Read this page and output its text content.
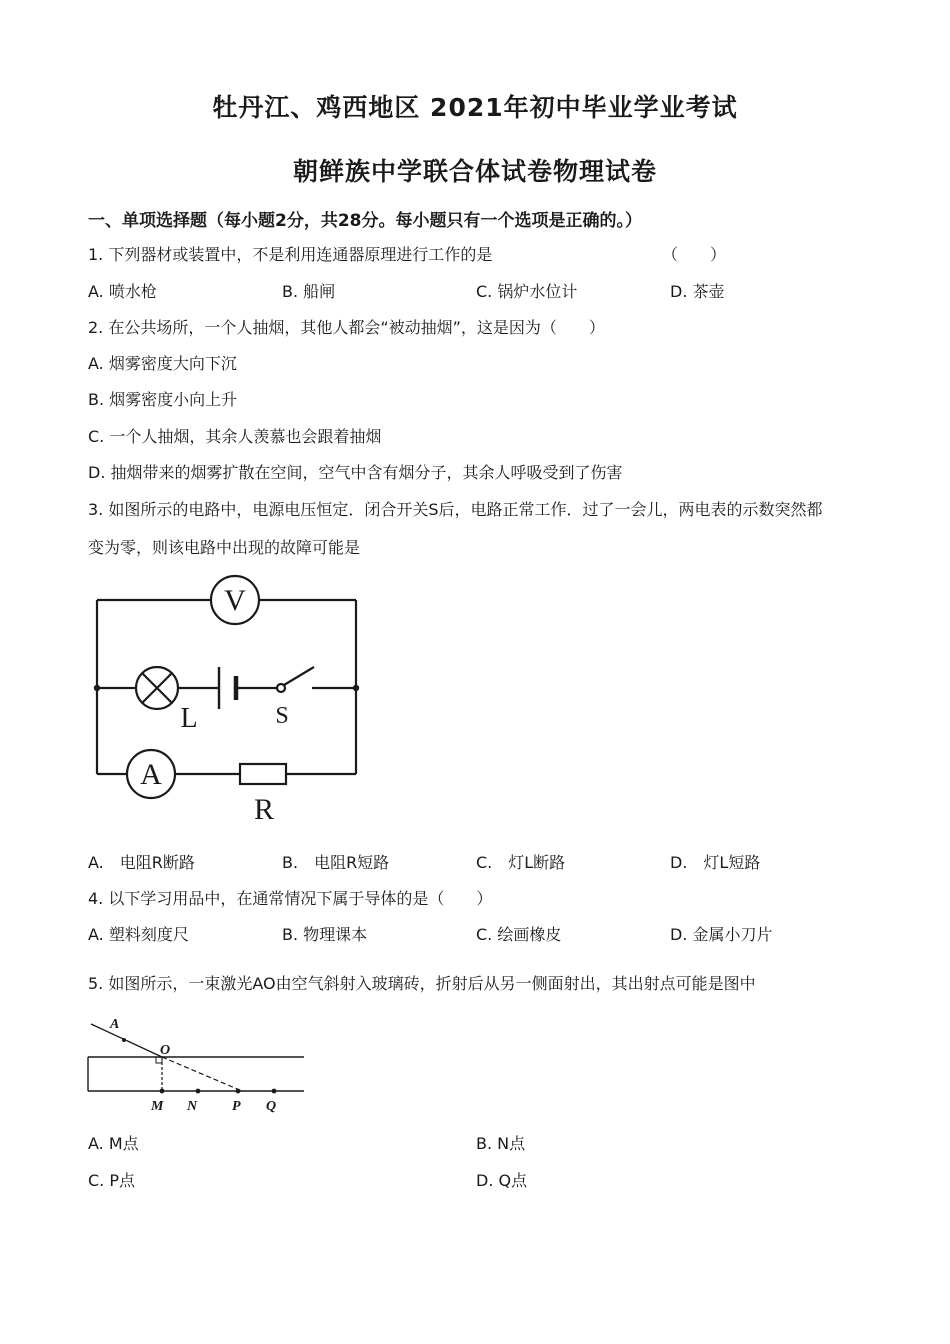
牡丹江、鸡西地区 2021年初中毕业学业考试
朝鲜族中学联合体试卷物理试卷
一、单项选择题（每小题2分，共28分。每小题只有一个选项是正确的。）
1. 下列器材或装置中，不是利用连通器原理进行工作的是	（　　）
A. 喷水枪	B. 船闸	C. 锅炉水位计	D. 茶壶
2. 在公共场所，一个人抽烟，其他人都会“被动抽烟”，这是因为（　　）
A. 烟雾密度大向下沉
B. 烟雾密度小向上升
C. 一个人抽烟，其余人羡慕也会跟着抽烟
D. 抽烟带来的烟雾扩散在空间，空气中含有烟分子，其余人呼吸受到了伤害
3. 如图所示的电路中，电源电压恒定．闭合开关S后，电路正常工作．过了一会儿，两电表的示数突然都
变为零，则该电路中出现的故障可能是
V
L	S
A
R
A.　电阻R断路	B.　电阻R短路	C.　灯L断路	D.　灯L短路
4. 以下学习用品中，在通常情况下属于导体的是（　　）
A. 塑料刻度尺	B. 物理课本	C. 绘画橡皮	D. 金属小刀片
5. 如图所示，一束激光AO由空气斜射入玻璃砖，折射后从另一侧面射出，其出射点可能是图中
A
O
M N P Q
A. M点	B. N点
C. P点	D. Q点
